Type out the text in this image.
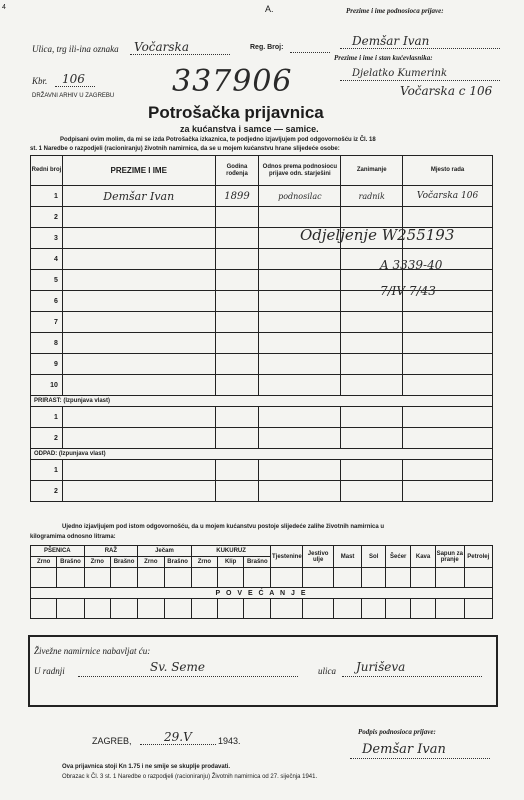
4	A.
Reg. Broj:
Prezime i ime podnosioca prijave:
Demšar Ivan
Prezime i ime i stan kućevlasnika:
Djelatko Kumerink
Vočarska c 106
Ulica, trg ili-ina oznaka Vočarska
Kbr. 106	337906
DRŽAVNI ARHIV U ZAGREBU
Potrošačka prijavnica
za kućanstva i samce — samice.
Podpisani ovim molim, da mi se izda Potrošačka izkaznica, te podjedno izjavljujem pod odgovornošću iz Čl. 18
st. 1 Naredbe o razpodjeli (racioniranju) životnih namirnica, da se u mojem kućanstvu hrane slijedeće osobe:
Redni broj	PREZIME I IME	Godina rođenja	Odnos prema podnosiocu prijave odn. starješini	Zanimanje	Mjesto rada
1	Demšar Ivan	1899	podnosilac	radnik	Vočarska 106
2					
3					
4					
5					
6					
7					
8					
9					
10					
PRIRAST: (Izpunjava vlast)					
1					
2					
ODPAD: (Izpunjava vlast)					
1					
2					
Odjeljenje W255193
A 3339-40
7/IV 7/43
Ujedno izjavljujem pod istom odgovornošću, da u mojem kućanstvu postoje slijedeće zalihe životnih namirnica u
kilogramima odnosno litrama:
PŠENICA		RAŽ		Ječam		KUKURUZ			Tjestenine	Jestivo ulje	Mast	Sol	Šećer	Kava	Sapun za pranje	Petrolej
Zrno	Brašno	Zrno	Brašno	Zrno	Brašno	Zrno	Klip	Brašno								

P O V E Ć A N J E																

Živežne namirnice nabavljat ću:
U radnji	Sv. Seme	ulica Juriševa
ZAGREB,	29.V	1943.
Podpis podnosioca prijave:
Demšar Ivan
Ova prijavnica stoji Kn 1.75 i ne smije se skuplje prodavati.
Obrazac k Čl. 3 st. 1 Naredbe o razpodjeli (racioniranju) Životnih namirnica od 27. siječnja 1941.
